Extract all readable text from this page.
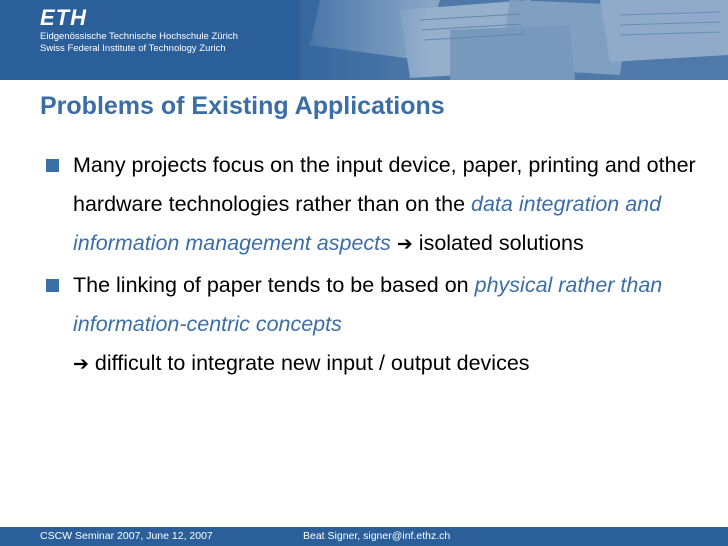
ETH
Eidgenössische Technische Hochschule Zürich
Swiss Federal Institute of Technology Zurich
Problems of Existing Applications
Many projects focus on the input device, paper, printing and other hardware technologies rather than on the data integration and information management aspects ➔ isolated solutions
The linking of paper tends to be based on physical rather than information-centric concepts
➔ difficult to integrate new input / output devices
CSCW Seminar 2007, June 12, 2007	Beat Signer, signer@inf.ethz.ch
